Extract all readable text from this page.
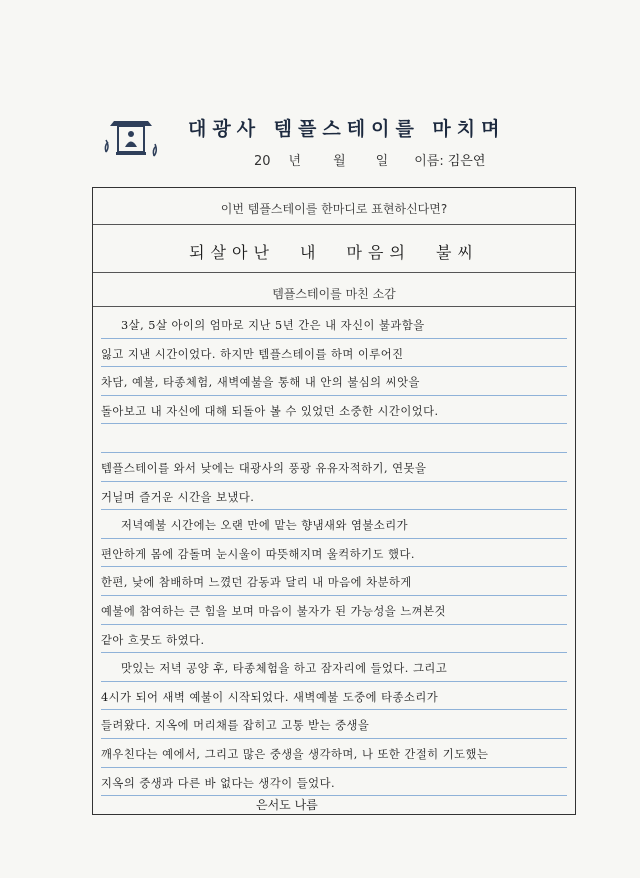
대광사 템플스테이를 마치며
20 년 월 일 이름: 김은연
이번 템플스테이를 한마디로 표현하신다면?
되살아난 내 마음의 불씨
템플스테이를 마친 소감
3살, 5살 아이의 엄마로 지난 5년 간은 내 자신이 불과함을
잃고 지낸 시간이었다. 하지만 템플스테이를 하며 이루어진
차담, 예불, 타종체험, 새벽예불을 통해 내 안의 불심의 씨앗을
돌아보고 내 자신에 대해 되돌아 볼 수 있었던 소중한 시간이었다.
템플스테이를 와서 낮에는 대광사의 풍광 유유자적하기, 연못을
거닐며 즐거운 시간을 보냈다.
저녁예불 시간에는 오랜 만에 맡는 향냄새와 염불소리가
편안하게 몸에 감돌며 눈시울이 따뜻해지며 울컥하기도 했다.
한편, 낮에 참배하며 느꼈던 감동과 달리 내 마음에 차분하게
예불에 참여하는 큰 힘을 보며 마음이 불자가 된 가능성을 느껴본것
같아 흐뭇도 하였다.
맛있는 저녁 공양 후, 타종체험을 하고 잠자리에 들었다. 그리고
4시가 되어 새벽 예불이 시작되었다. 새벽예불 도중에 타종소리가
들려왔다. 지옥에 머리채를 잡히고 고통 받는 중생을
깨우친다는 예에서, 그리고 많은 중생을 생각하며, 나 또한 간절히 기도했는
지옥의 중생과 다른 바 없다는 생각이 들었다.
은서도 나름
